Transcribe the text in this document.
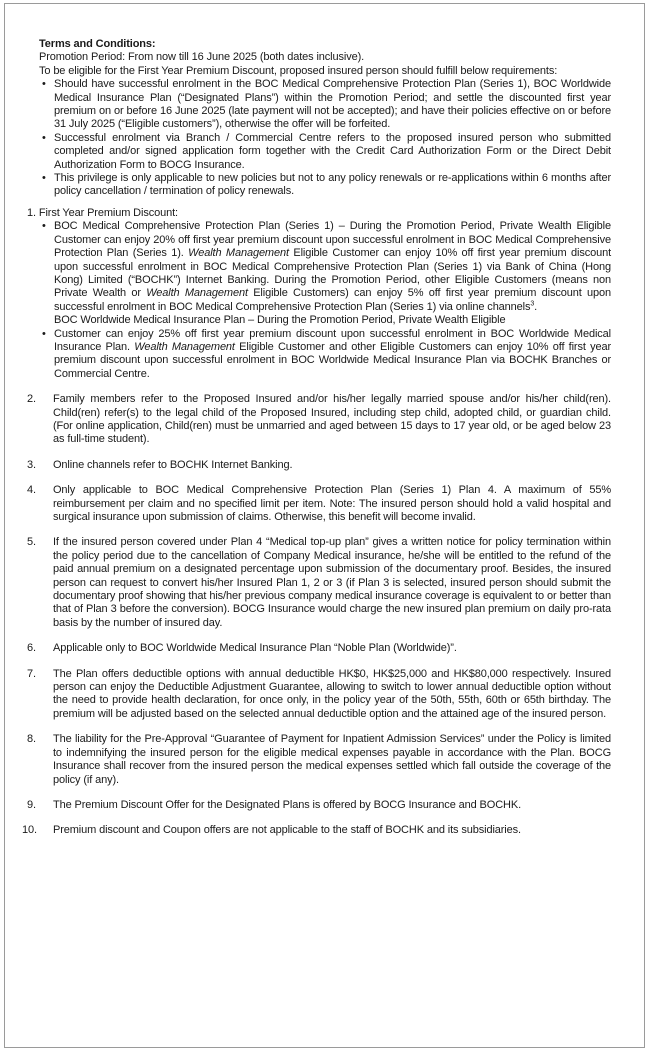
Terms and Conditions:

Promotion Period: From now till 16 June 2025 (both dates inclusive).

To be eligible for the First Year Premium Discount, proposed insured person should fulfill below requirements:

• Should have successful enrolment in the BOC Medical Comprehensive Protection Plan (Series 1), BOC Worldwide Medical Insurance Plan (“Designated Plans”) within the Promotion Period; and settle the discounted first year premium on or before 16 June 2025 (late payment will not be accepted); and have their policies effective on or before 31 July 2025 (“Eligible customers”), otherwise the offer will be forfeited.

• Successful enrolment via Branch / Commercial Centre refers to the proposed insured person who submitted completed and/or signed application form together with the Credit Card Authorization Form or the Direct Debit Authorization Form to BOCG Insurance.

• This privilege is only applicable to new policies but not to any policy renewals or re-applications within 6 months after policy cancellation / termination of policy renewals.

1. First Year Premium Discount:

• BOC Medical Comprehensive Protection Plan (Series 1) – During the Promotion Period, Private Wealth Eligible Customer can enjoy 20% off first year premium discount upon successful enrolment in BOC Medical Comprehensive Protection Plan (Series 1). Wealth Management Eligible Customer can enjoy 10% off first year premium discount upon successful enrolment in BOC Medical Comprehensive Protection Plan (Series 1) via Bank of China (Hong Kong) Limited (“BOCHK”) Internet Banking. During the Promotion Period, other Eligible Customers (means non Private Wealth or Wealth Management Eligible Customers) can enjoy 5% off first year premium discount upon successful enrolment in BOC Medical Comprehensive Protection Plan (Series 1) via online channels$^3$.

BOC Worldwide Medical Insurance Plan – During the Promotion Period, Private Wealth Eligible

• Customer can enjoy 25% off first year premium discount upon successful enrolment in BOC Worldwide Medical Insurance Plan. Wealth Management Eligible Customer and other Eligible Customers can enjoy 10% off first year premium discount upon successful enrolment in BOC Worldwide Medical Insurance Plan via BOCHK Branches or Commercial Centre.

2. Family members refer to the Proposed Insured and/or his/her legally married spouse and/or his/her child(ren). Child(ren) refer(s) to the legal child of the Proposed Insured, including step child, adopted child, or guardian child. (For online application, Child(ren) must be unmarried and aged between 15 days to 17 year old, or be aged below 23 as full-time student).

3. Online channels refer to BOCHK Internet Banking.

4. Only applicable to BOC Medical Comprehensive Protection Plan (Series 1) Plan 4. A maximum of 55% reimbursement per claim and no specified limit per item. Note: The insured person should hold a valid hospital and surgical insurance upon submission of claims. Otherwise, this benefit will become invalid.

5. If the insured person covered under Plan 4 “Medical top-up plan” gives a written notice for policy termination within the policy period due to the cancellation of Company Medical insurance, he/she will be entitled to the refund of the paid annual premium on a designated percentage upon submission of the documentary proof. Besides, the insured person can request to convert his/her Insured Plan 1, 2 or 3 (if Plan 3 is selected, insured person should submit the documentary proof showing that his/her previous company medical insurance coverage is equivalent to or better than that of Plan 3 before the conversion). BOCG Insurance would charge the new insured plan premium on daily pro-rata basis by the number of insured day.

6. Applicable only to BOC Worldwide Medical Insurance Plan “Noble Plan (Worldwide)”.

7. The Plan offers deductible options with annual deductible HK$0, HK$25,000 and HK$80,000 respectively. Insured person can enjoy the Deductible Adjustment Guarantee, allowing to switch to lower annual deductible option without the need to provide health declaration, for once only, in the policy year of the 50th, 55th, 60th or 65th birthday. The premium will be adjusted based on the selected annual deductible option and the attained age of the insured person.

8. The liability for the Pre-Approval “Guarantee of Payment for Inpatient Admission Services” under the Policy is limited to indemnifying the insured person for the eligible medical expenses payable in accordance with the Plan. BOCG Insurance shall recover from the insured person the medical expenses settled which fall outside the coverage of the policy (if any).

9. The Premium Discount Offer for the Designated Plans is offered by BOCG Insurance and BOCHK.

10. Premium discount and Coupon offers are not applicable to the staff of BOCHK and its subsidiaries.
